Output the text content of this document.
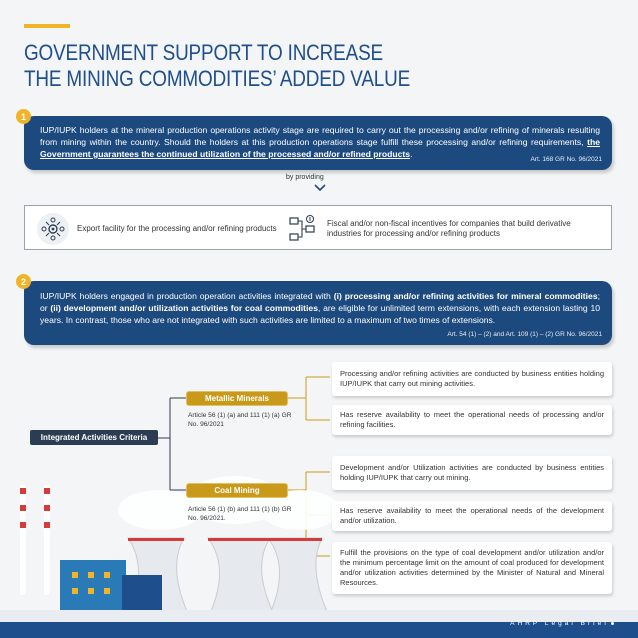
GOVERNMENT SUPPORT TO INCREASE
THE MINING COMMODITIES’ ADDED VALUE

IUP/IUPK holders at the mineral production operations activity stage are required to carry out the processing and/or refining of minerals resulting from mining within the country. Should the holders at this production operations stage fulfill these processing and/or refining requirements, the Government guarantees the continued utilization of the processed and/or refined products.

Art. 168 GR No. 96/2021
1
by providing
Export facility for the processing and/or refining products
Fiscal and/or non-fiscal incentives for companies that build derivative industries for processing and/or refining products

IUP/IUPK holders engaged in production operation activities integrated with (i) processing and/or refining activities for mineral commodities; or (ii) development and/or utilization activities for coal commodities, are eligible for unlimited term extensions, with each extension lasting 10 years. In contrast, those who are not integrated with such activities are limited to a maximum of two times of extensions.

Art. 54 (1) – (2) and Art. 109 (1) – (2) GR No. 96/2021
2
Integrated Activities Criteria
Metallic Minerals
Article 56 (1) (a) and 111 (1) (a) GR No. 96/2021
Coal Mining
Article 56 (1) (b) and 111 (1) (b) GR No. 96/2021.
Processing and/or refining activities are conducted by business entities holding IUP/IUPK that carry out mining activities.
Has reserve availability to meet the operational needs of processing and/or refining facilities.
Development and/or Utilization activities are conducted by business entities holding IUP/IUPK that carry out mining.
Has reserve availability to meet the operational needs of the development and/or utilization.
Fulfill the provisions on the type of coal development and/or utilization and/or the minimum percentage limit on the amount of coal produced for development and/or utilization activities determined by the Minister of Natural and Mineral Resources.
AHRP Legal Brief
